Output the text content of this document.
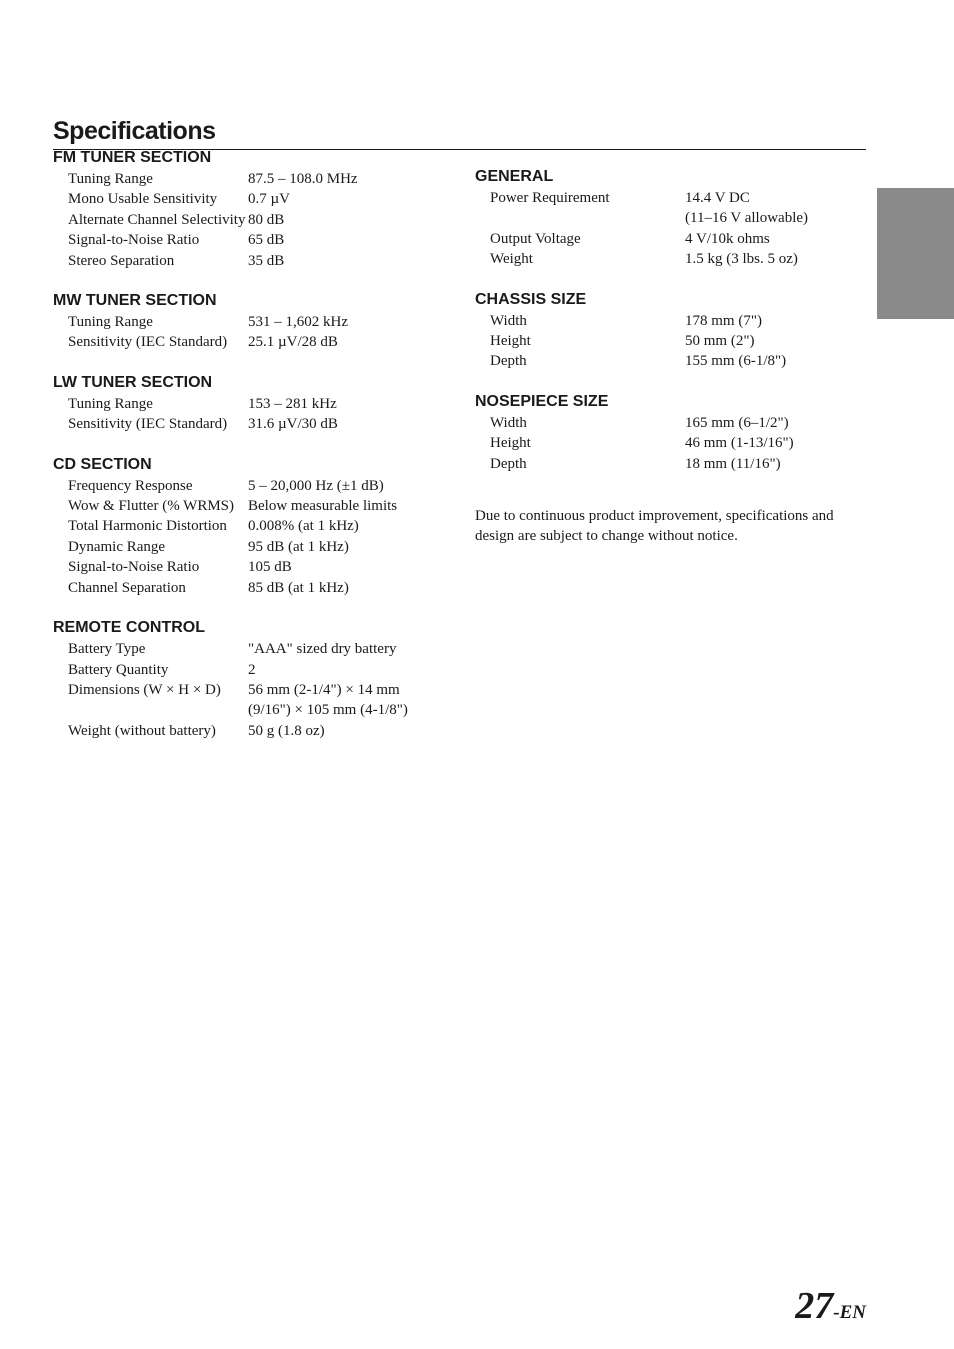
Specifications
FM TUNER SECTION
Tuning Range	87.5 – 108.0 MHz
Mono Usable Sensitivity	0.7 µV
Alternate Channel Selectivity 80 dB
Signal-to-Noise Ratio	65 dB
Stereo Separation	35 dB
MW TUNER SECTION
Tuning Range	531 – 1,602 kHz
Sensitivity (IEC Standard)	25.1 µV/28 dB
LW TUNER SECTION
Tuning Range	153 – 281 kHz
Sensitivity (IEC Standard)	31.6 µV/30 dB
CD SECTION
Frequency Response	5 – 20,000 Hz (±1 dB)
Wow & Flutter (% WRMS) Below measurable limits
Total Harmonic Distortion	0.008% (at 1 kHz)
Dynamic Range	95 dB (at 1 kHz)
Signal-to-Noise Ratio	105 dB
Channel Separation	85 dB (at 1 kHz)
REMOTE CONTROL
Battery Type	"AAA" sized dry battery
Battery Quantity	2
Dimensions (W × H × D)	56 mm (2-1/4") × 14 mm
(9/16") × 105 mm (4-1/8")
Weight (without battery)	50 g (1.8 oz)
GENERAL
Power Requirement	14.4 V DC
(11–16 V allowable)
Output Voltage	4 V/10k ohms
Weight	1.5 kg (3 lbs. 5 oz)
CHASSIS SIZE
Width	178 mm (7")
Height	50 mm (2")
Depth	155 mm (6-1/8")
NOSEPIECE SIZE
Width	165 mm (6–1/2")
Height	46 mm (1-13/16")
Depth	18 mm (11/16")

Due to continuous product improvement, specifications and design are subject to change without notice.

27-EN
